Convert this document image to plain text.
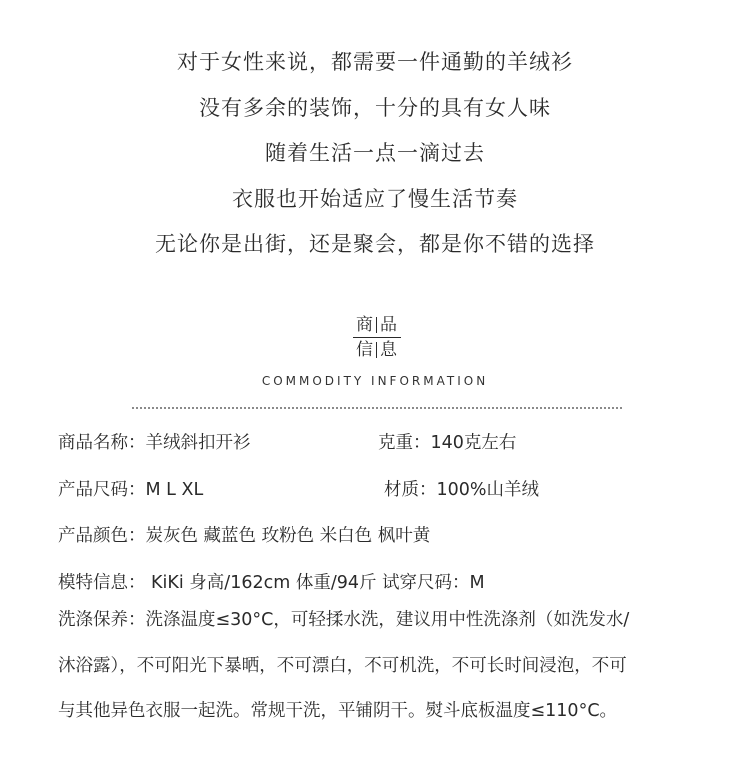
对于女性来说，都需要一件通勤的羊绒衫
没有多余的装饰，十分的具有女人味
随着生活一点一滴过去
衣服也开始适应了慢生活节奏
无论你是出街，还是聚会，都是你不错的选择
商 品
信 息
COMMODITY INFORMATION
商品名称：羊绒斜扣开衫	克重：140克左右
产品尺码：M L XL	材质：100%山羊绒
产品颜色：炭灰色 藏蓝色 玫粉色 米白色 枫叶黄
模特信息： KiKi 身高/162cm 体重/94斤 试穿尺码：M
洗涤保养：洗涤温度≤30°C，可轻揉水洗，建议用中性洗涤剂（如洗发水/
沐浴露），不可阳光下暴晒，不可漂白，不可机洗，不可长时间浸泡，不可
与其他异色衣服一起洗。常规干洗，平铺阴干。熨斗底板温度≤110°C。
